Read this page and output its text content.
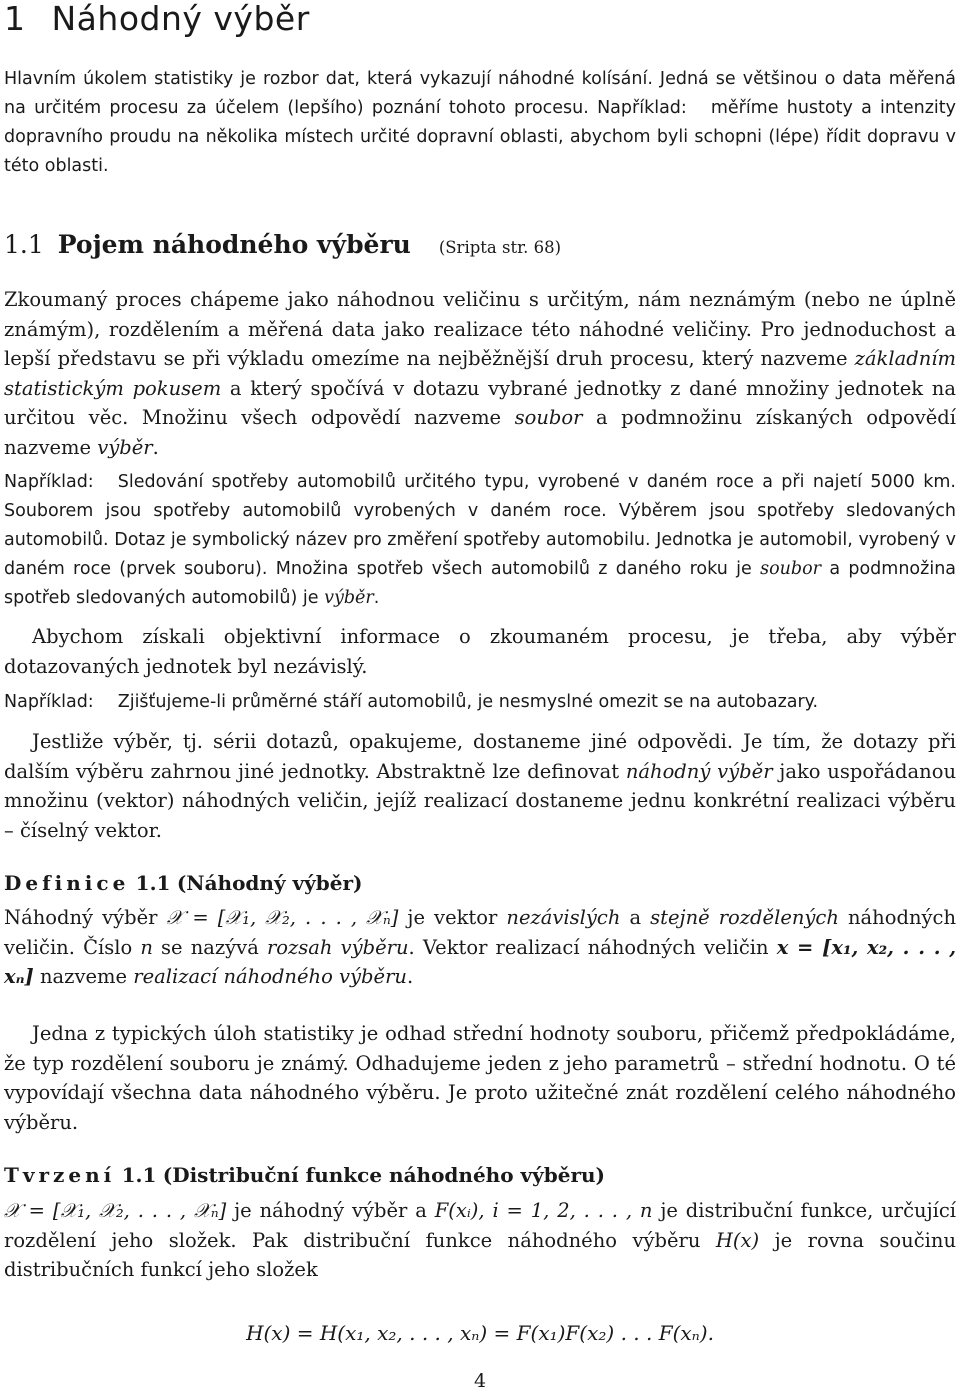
1 Náhodný výběr

Hlavním úkolem statistiky je rozbor dat, která vykazují náhodné kolísání. Jedná se většinou o data měřená na určitém procesu za účelem (lepšího) poznání tohoto procesu. Například: měříme hustoty a intenzity dopravního proudu na několika místech určité dopravní oblasti, abychom byli schopni (lépe) řídit dopravu v této oblasti.

1.1 Pojem náhodného výběru (Sripta str. 68)

Zkoumaný proces chápeme jako náhodnou veličinu s určitým, nám neznámým (nebo ne úplně známým), rozdělením a měřená data jako realizace této náhodné veličiny. Pro jednoduchost a lepší představu se při výkladu omezíme na nejběžnější druh procesu, který nazveme základním statistickým pokusem a který spočívá v dotazu vybrané jednotky z dané množiny jednotek na určitou věc. Množinu všech odpovědí nazveme soubor a podmnožinu získaných odpovědí nazveme výběr.

Například: Sledování spotřeby automobilů určitého typu, vyrobené v daném roce a při najetí 5000 km. Souborem jsou spotřeby automobilů vyrobených v daném roce. Výběrem jsou spotřeby sledovaných automobilů. Dotaz je symbolický název pro změření spotřeby automobilu. Jednotka je automobil, vyrobený v daném roce (prvek souboru). Množina spotřeb všech automobilů z daného roku je soubor a podmnožina spotřeb sledovaných automobilů) je výběr.

Abychom získali objektivní informace o zkoumaném procesu, je třeba, aby výběr dotazovaných jednotek byl nezávislý.

Například: Zjišťujeme-li průměrné stáří automobilů, je nesmyslné omezit se na autobazary.

Jestliže výběr, tj. sérii dotazů, opakujeme, dostaneme jiné odpovědi. Je tím, že dotazy při dalším výběru zahrnou jiné jednotky. Abstraktně lze definovat náhodný výběr jako uspořádanou množinu (vektor) náhodných veličin, jejíž realizací dostaneme jednu konkrétní realizaci výběru – číselný vektor.

Definice 1.1 (Náhodný výběr)

Náhodný výběr 𝒳 = [𝒳₁, 𝒳₂, . . . , 𝒳ₙ] je vektor nezávislých a stejně rozdělených náhodných veličin. Číslo n se nazývá rozsah výběru. Vektor realizací náhodných veličin x = [x₁, x₂, . . . , xₙ] nazveme realizací náhodného výběru.

Jedna z typických úloh statistiky je odhad střední hodnoty souboru, přičemž předpokládáme, že typ rozdělení souboru je známý. Odhadujeme jeden z jeho parametrů – střední hodnotu. O té vypovídají všechna data náhodného výběru. Je proto užitečné znát rozdělení celého náhodného výběru.

Tvrzení 1.1 (Distribuční funkce náhodného výběru)

𝒳 = [𝒳₁, 𝒳₂, . . . , 𝒳ₙ] je náhodný výběr a F(xᵢ), i = 1, 2, . . . , n je distribuční funkce, určující rozdělení jeho složek. Pak distribuční funkce náhodného výběru H(x) je rovna součinu distribučních funkcí jeho složek

H(x) = H(x₁, x₂, . . . , xₙ) = F(x₁)F(x₂) . . . F(xₙ).
4
